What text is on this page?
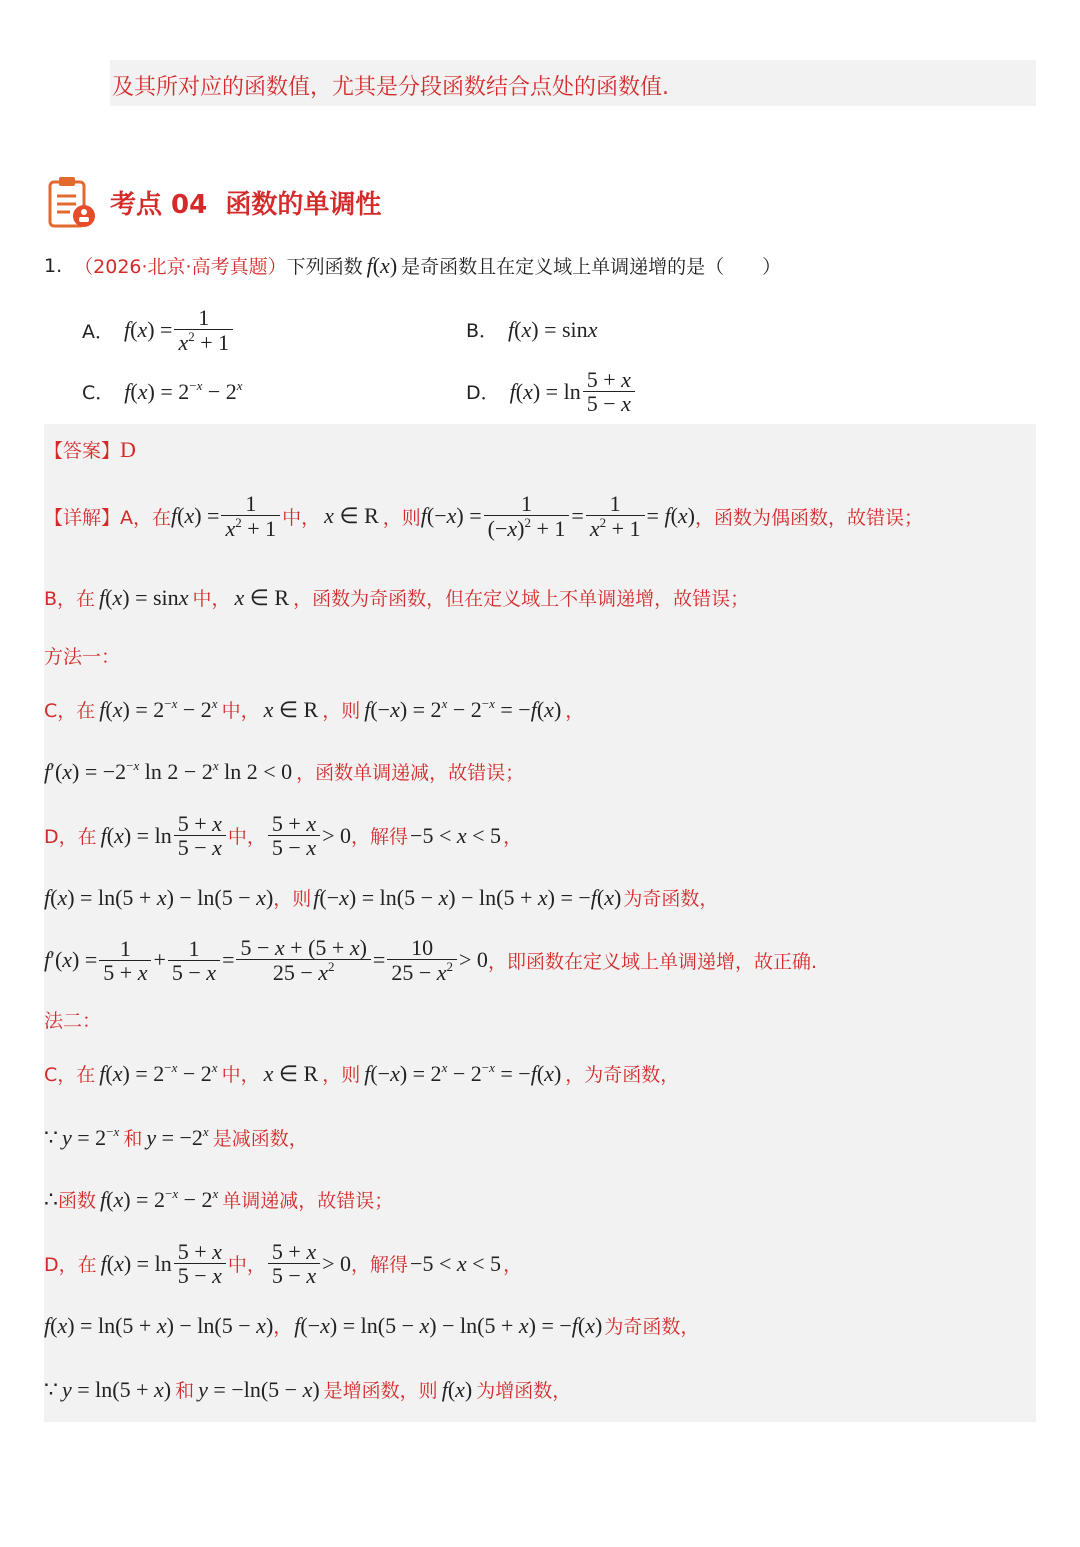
及其所对应的函数值，尤其是分段函数结合点处的函数值.
考点 04 函数的单调性
1. （2026·北京·高考真题） 下列函数 f(x) 是奇函数且在定义域上单调递增的是（　　）
A． $f(x) = \frac{1}{x^2 + 1}$	B． f(x) = sinx
C． $f(x) = 2^{-x} - 2^x$	D． $f(x) = \ln \frac{5 + x}{5 - x}$
【答案】 D
【详解】 A，在 $f(x) = \frac{1}{x^2 + 1}$ 中， x ∈ R ，则 $f(-x) = \frac{1}{(-x)^2 + 1} = \frac{1}{x^2 + 1} = f(x)$ ，函数为偶函数，故错误；
B，在 f(x) = sinx 中， x ∈ R ，函数为奇函数，但在定义域上不单调递增，故错误；
方法一：
C，在 $f(x) = 2^{-x} - 2^x$ 中， x ∈ R ，则 $f(-x) = 2^x - 2^{-x} = -f(x)$ ，
$f'(x) = -2^{-x}$ $\ln 2 - 2^x$ ln 2 < 0 ，函数单调递减，故错误；
D，在 $f(x) = \ln \frac{5 + x}{5 - x}$ 中， $\frac{5 + x}{5 - x} > 0$ ，解得 −5 < x < 5 ，
f(x) = ln(5 + x) − ln(5 − x) ，则 f(−x) = ln(5 − x) − ln(5 + x) = −f(x) 为奇函数，
$f'(x) = \frac{1}{5 + x} + \frac{1}{5 - x} = \frac{5 - x + (5 + x)}{25 - x^2} = \frac{10}{25 - x^2} > 0$ ，即函数在定义域上单调递增，故正确.
法二：
C，在 $f(x) = 2^{-x} - 2^x$ 中， x ∈ R ，则 $f(-x) = 2^x - 2^{-x} = -f(x)$ ，为奇函数，
∵ $y = 2^{-x}$ 和 $y = -2^x$ 是减函数，
∴ 函数 $f(x) = 2^{-x} - 2^x$ 单调递减，故错误；
D，在 $f(x) = \ln \frac{5 + x}{5 - x}$ 中， $\frac{5 + x}{5 - x} > 0$ ，解得 −5 < x < 5 ，
f(x) = ln(5 + x) − ln(5 − x) ， f(−x) = ln(5 − x) − ln(5 + x) = −f(x) 为奇函数，
∵ y = ln(5 + x) 和 y = −ln(5 − x) 是增函数，则 f(x) 为增函数，
